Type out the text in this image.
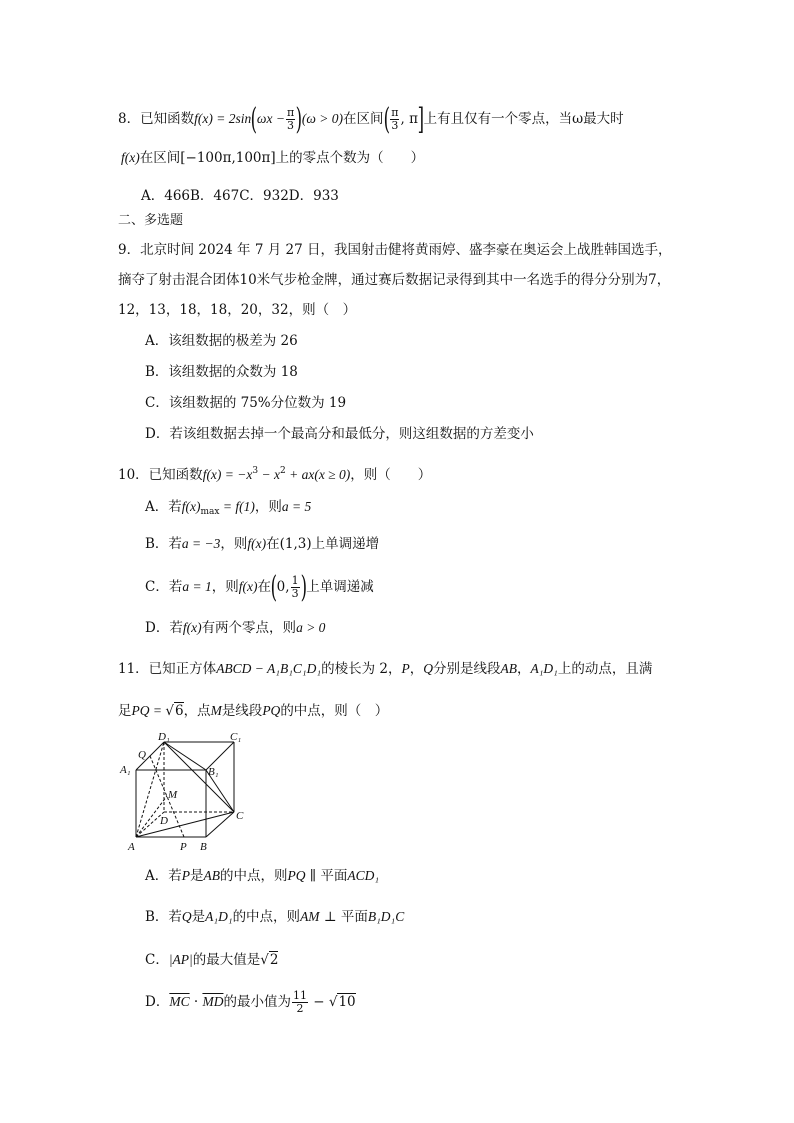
8．已知函数$f(x) = 2\sin(\omega x - \frac{\pi}{3} )(\omega > 0)$在区间( $\frac{\pi}{3}$ , π]上有且仅有一个零点，当ω最大时
f(x)在区间[−100π,100π]上的零点个数为（　　）
A．466B．467C．932D．933
二、多选题
9．北京时间 2024 年 7 月 27 日，我国射击健将黄雨婷、盛李豪在奥运会上战胜韩国选手，
摘夺了射击混合团体10米气步枪金牌，通过赛后数据记录得到其中一名选手的得分分别为7，
12，13，18，18，20，32，则（　）
A．该组数据的极差为 26
B．该组数据的众数为 18
C．该组数据的 75%分位数为 19
D．若该组数据去掉一个最高分和最低分，则这组数据的方差变小
10．已知函数$f(x) = -x^3 - x^2 + ax(x \ge 0)$，则（　　）
A．若$f(x)_{max} = f(1)$，则a = 5
B．若a = −3，则f(x)在(1,3)上单调递增
C．若a = 1，则f(x)在(0, $\frac{1}{3}$ )上单调递减
D．若f(x)有两个零点，则a > 0
11．已知正方体ABCD − A₁B₁C₁D₁的棱长为 2，P，Q分别是线段AB，A₁D₁上的动点，且满
足PQ = √6，点M是线段PQ的中点，则（　）
D₁	C₁
Q
A₁	B₁
M
C
D
A	P B
A．若P是AB的中点，则PQ ∥ 平面ACD₁
B．若Q是A₁D₁的中点，则AM ⊥ 平面B₁D₁C
C．|AP|的最大值是√2
D．$\overline{MC} \cdot \overline{MD}$的最小值为 $\frac{11}{2} - √10$
